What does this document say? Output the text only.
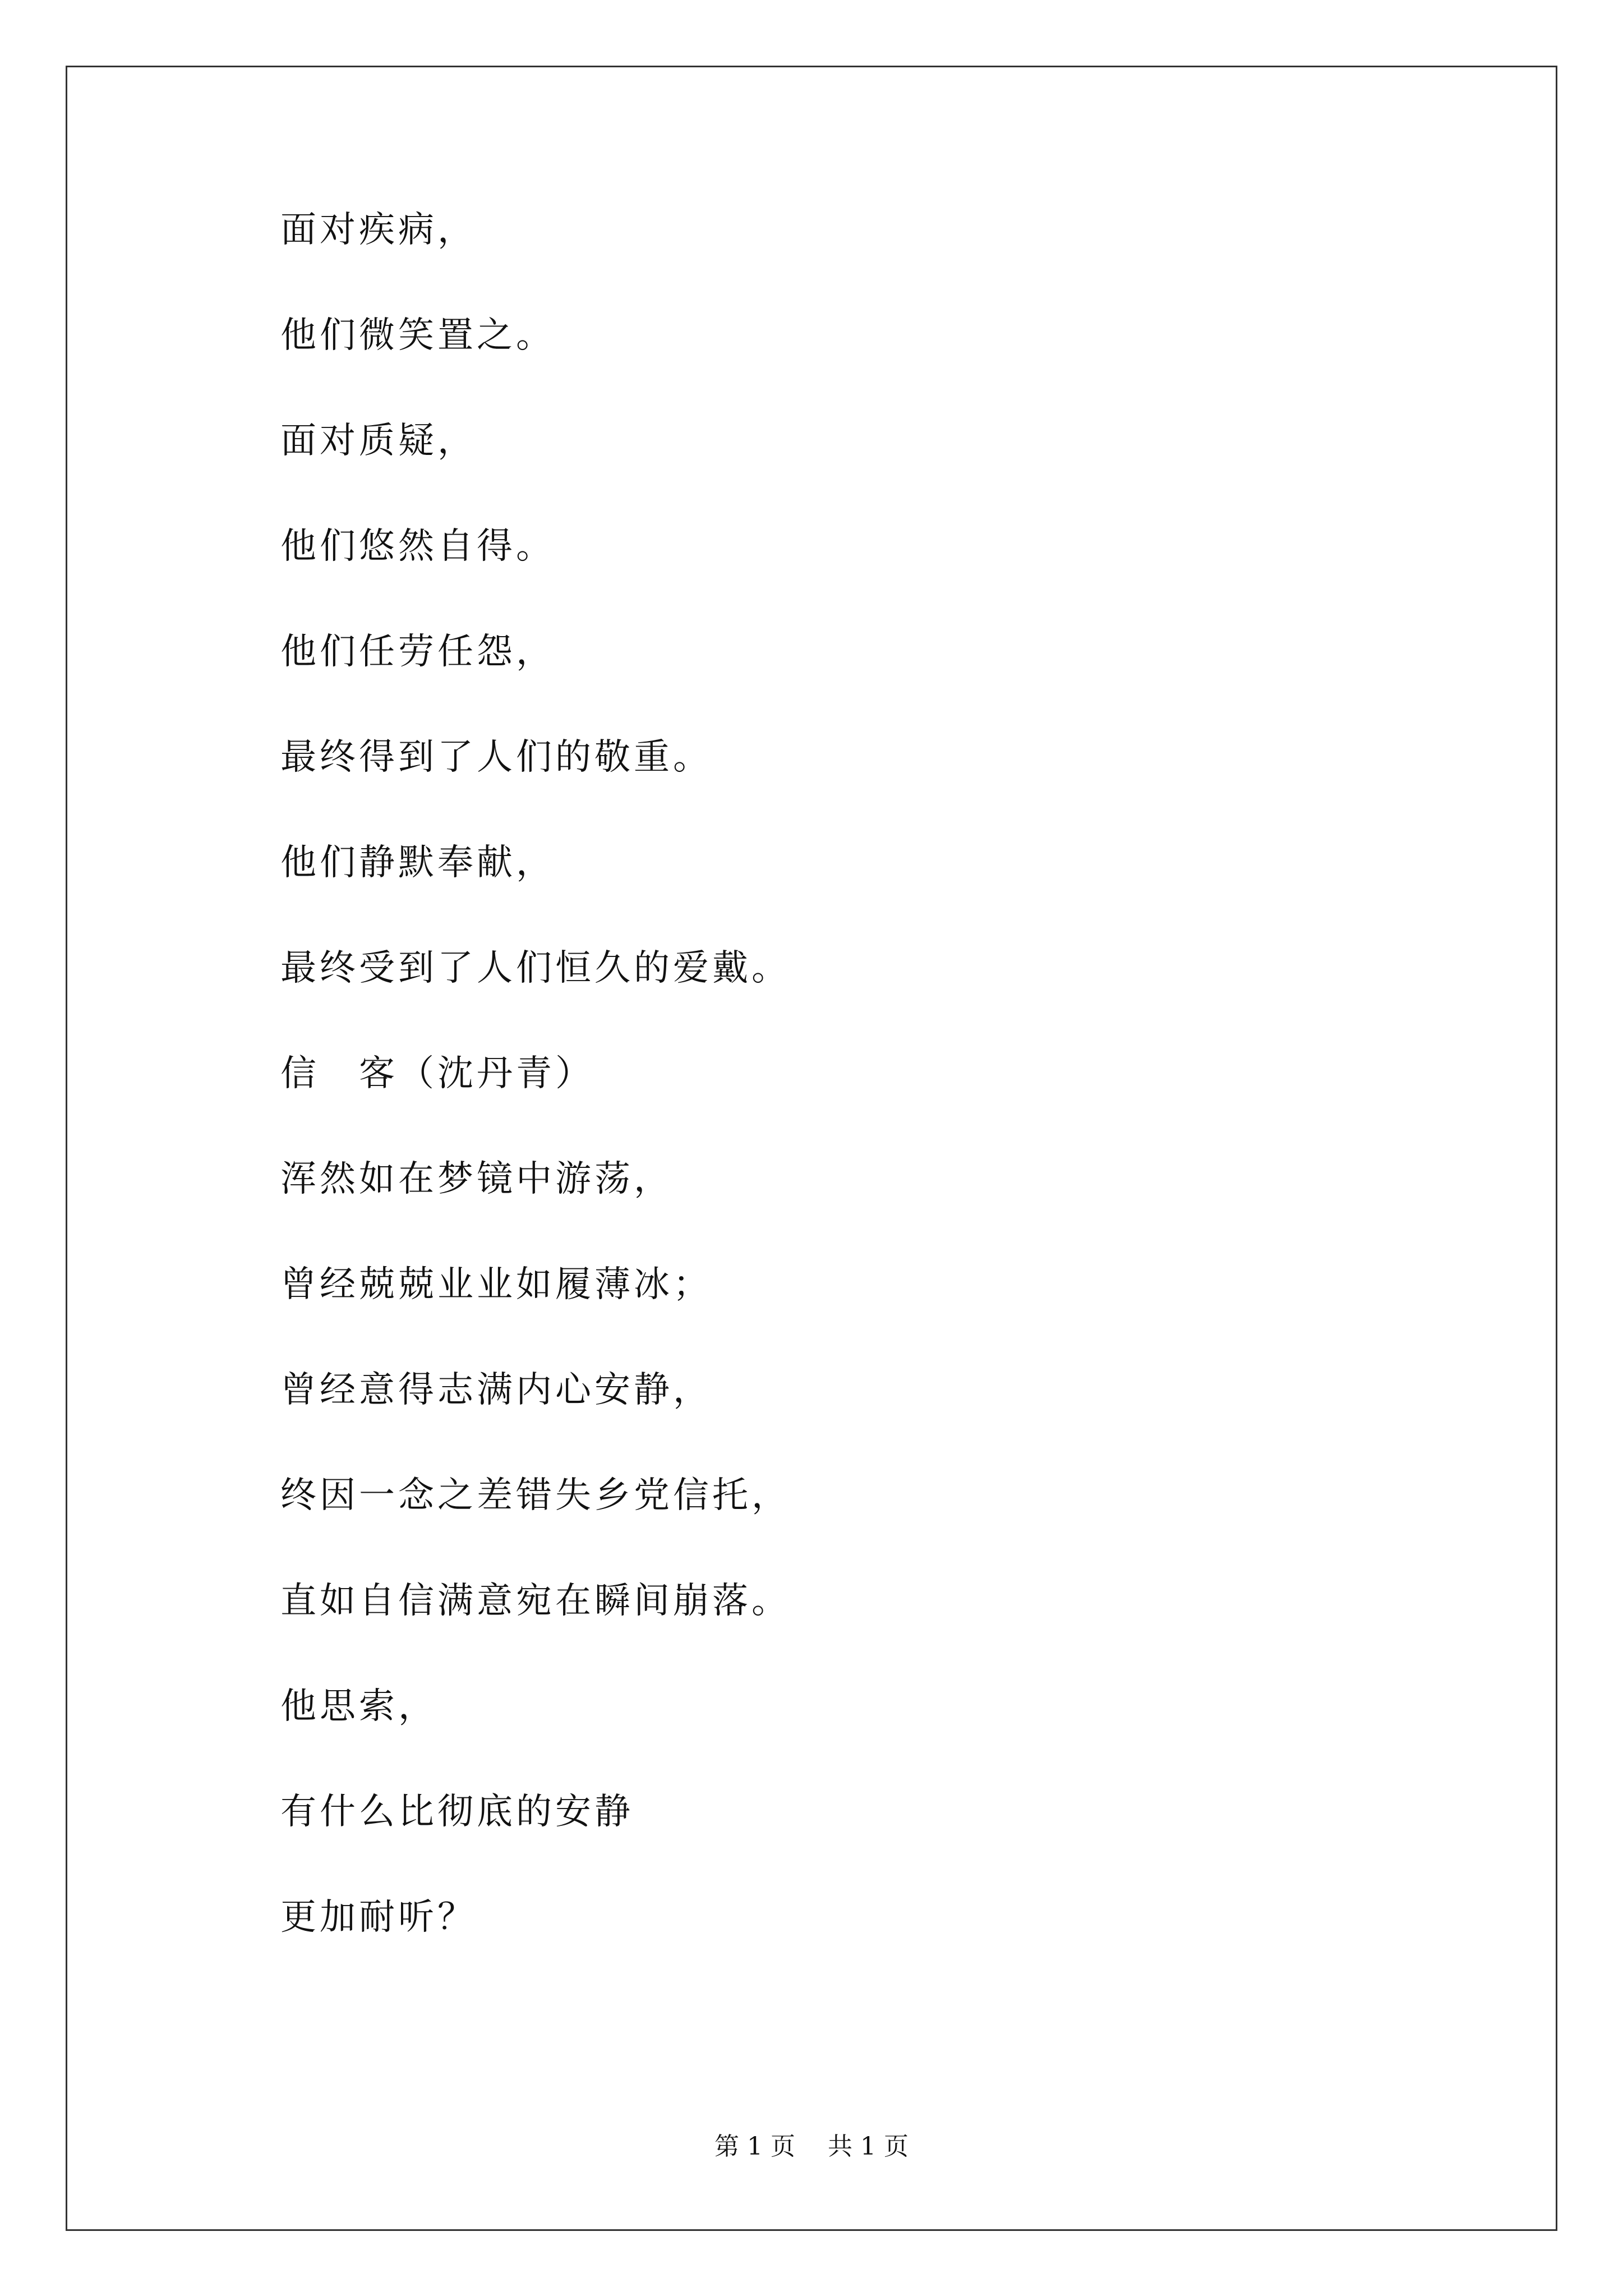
面对疾病，
他们微笑置之。
面对质疑，
他们悠然自得。
他们任劳任怨，
最终得到了人们的敬重。
他们静默奉献，
最终受到了人们恒久的爱戴。
信　客（沈丹青）
浑然如在梦镜中游荡，
曾经兢兢业业如履薄冰；
曾经意得志满内心安静，
终因一念之差错失乡党信托，
直如自信满意宛在瞬间崩落。
他思索，
有什么比彻底的安静
更加耐听？
第 1 页　 共 1 页
